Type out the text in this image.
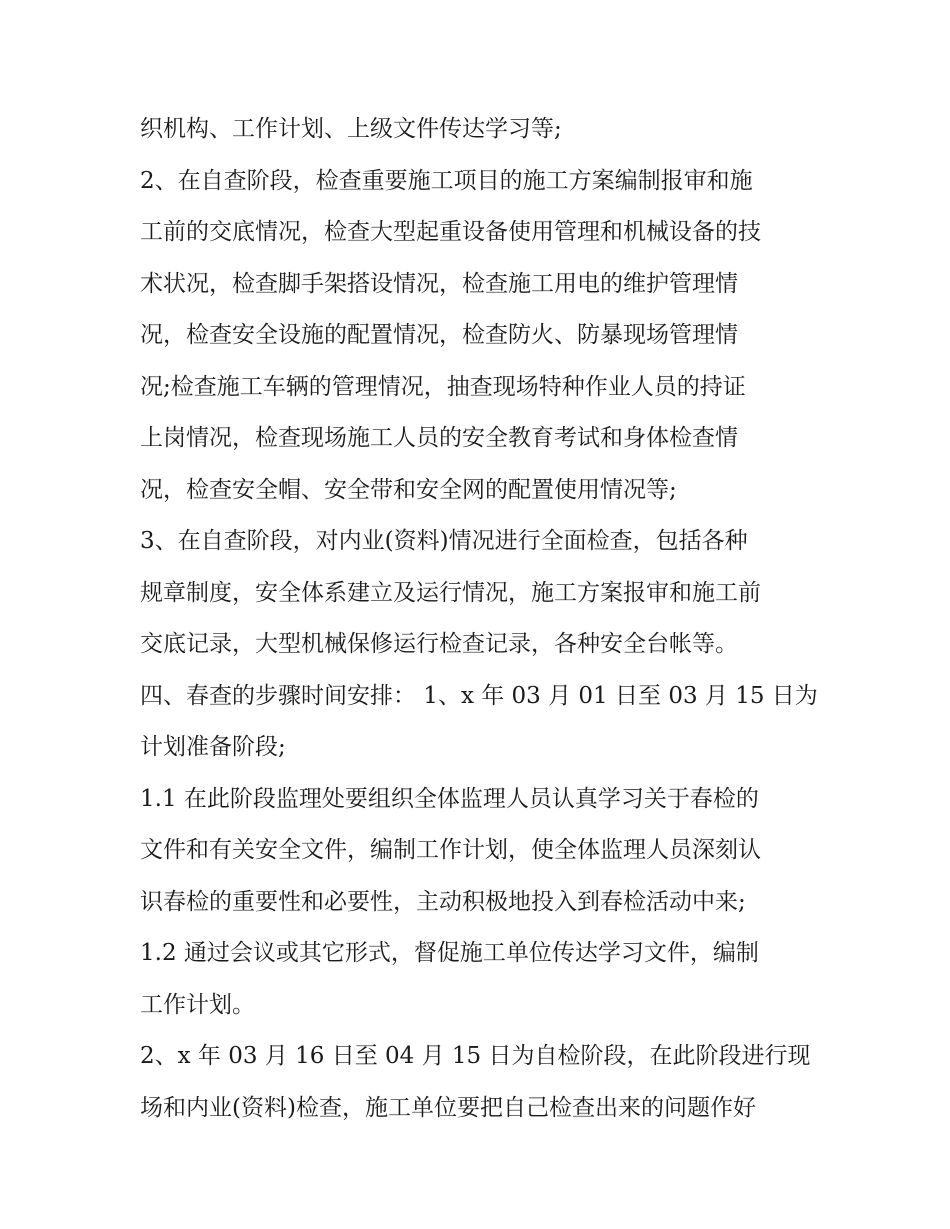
织机构、工作计划、上级文件传达学习等;
2、在自查阶段，检查重要施工项目的施工方案编制报审和施
工前的交底情况，检查大型起重设备使用管理和机械设备的技
术状况，检查脚手架搭设情况，检查施工用电的维护管理情
况，检查安全设施的配置情况，检查防火、防暴现场管理情
况;检查施工车辆的管理情况，抽查现场特种作业人员的持证
上岗情况，检查现场施工人员的安全教育考试和身体检查情
况，检查安全帽、安全带和安全网的配置使用情况等;
3、在自查阶段，对内业(资料)情况进行全面检查，包括各种
规章制度，安全体系建立及运行情况，施工方案报审和施工前
交底记录，大型机械保修运行检查记录，各种安全台帐等。
四、春查的步骤时间安排： 1、x 年 03 月 01 日至 03 月 15 日为
计划准备阶段;
1.1 在此阶段监理处要组织全体监理人员认真学习关于春检的
文件和有关安全文件，编制工作计划，使全体监理人员深刻认
识春检的重要性和必要性，主动积极地投入到春检活动中来;
1.2 通过会议或其它形式，督促施工单位传达学习文件，编制
工作计划。
2、x 年 03 月 16 日至 04 月 15 日为自检阶段，在此阶段进行现
场和内业(资料)检查，施工单位要把自己检查出来的问题作好
